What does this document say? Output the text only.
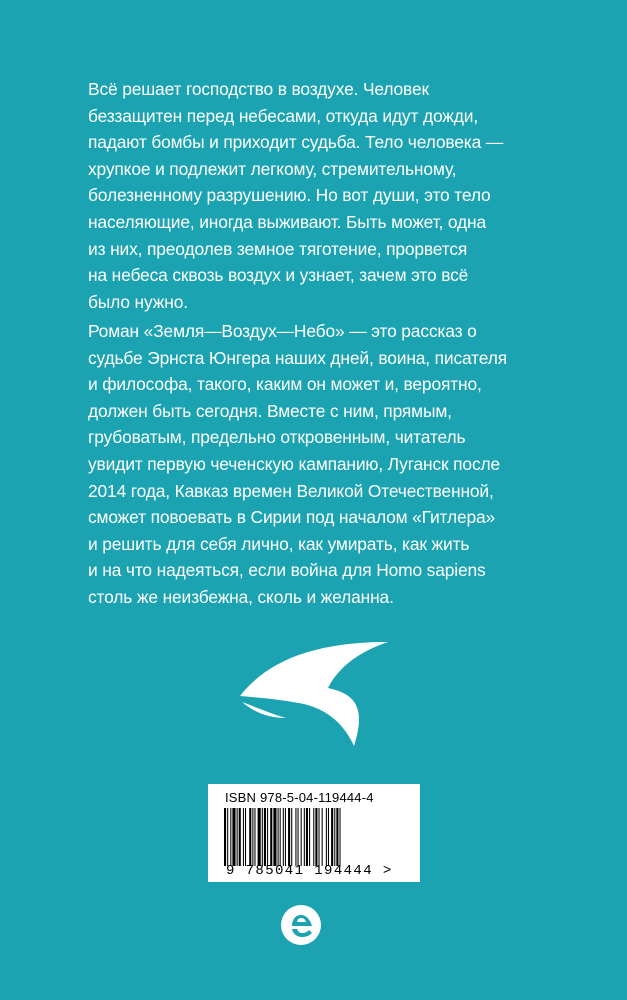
Всё решает господство в воздухе. Человек
беззащитен перед небесами, откуда идут дожди,
падают бомбы и приходит судьба. Тело человека —
хрупкое и подлежит легкому, стремительному,
болезненному разрушению. Но вот души, это тело
населяющие, иногда выживают. Быть может, одна
из них, преодолев земное тяготение, прорвется
на небеса сквозь воздух и узнает, зачем это всё
было нужно.
Роман «Земля—Воздух—Небо» — это рассказ о
судьбе Эрнста Юнгера наших дней, воина, писателя
и философа, такого, каким он может и, вероятно,
должен быть сегодня. Вместе с ним, прямым,
грубоватым, предельно откровенным, читатель
увидит первую чеченскую кампанию, Луганск после
2014 года, Кавказ времен Великой Отечественной,
сможет повоевать в Сирии под началом «Гитлера»
и решить для себя лично, как умирать, как жить
и на что надеяться, если война для Homo sapiens
столь же неизбежна, сколь и желанна.
ISBN 978-5-04-119444-4
9 785041 194444 >
